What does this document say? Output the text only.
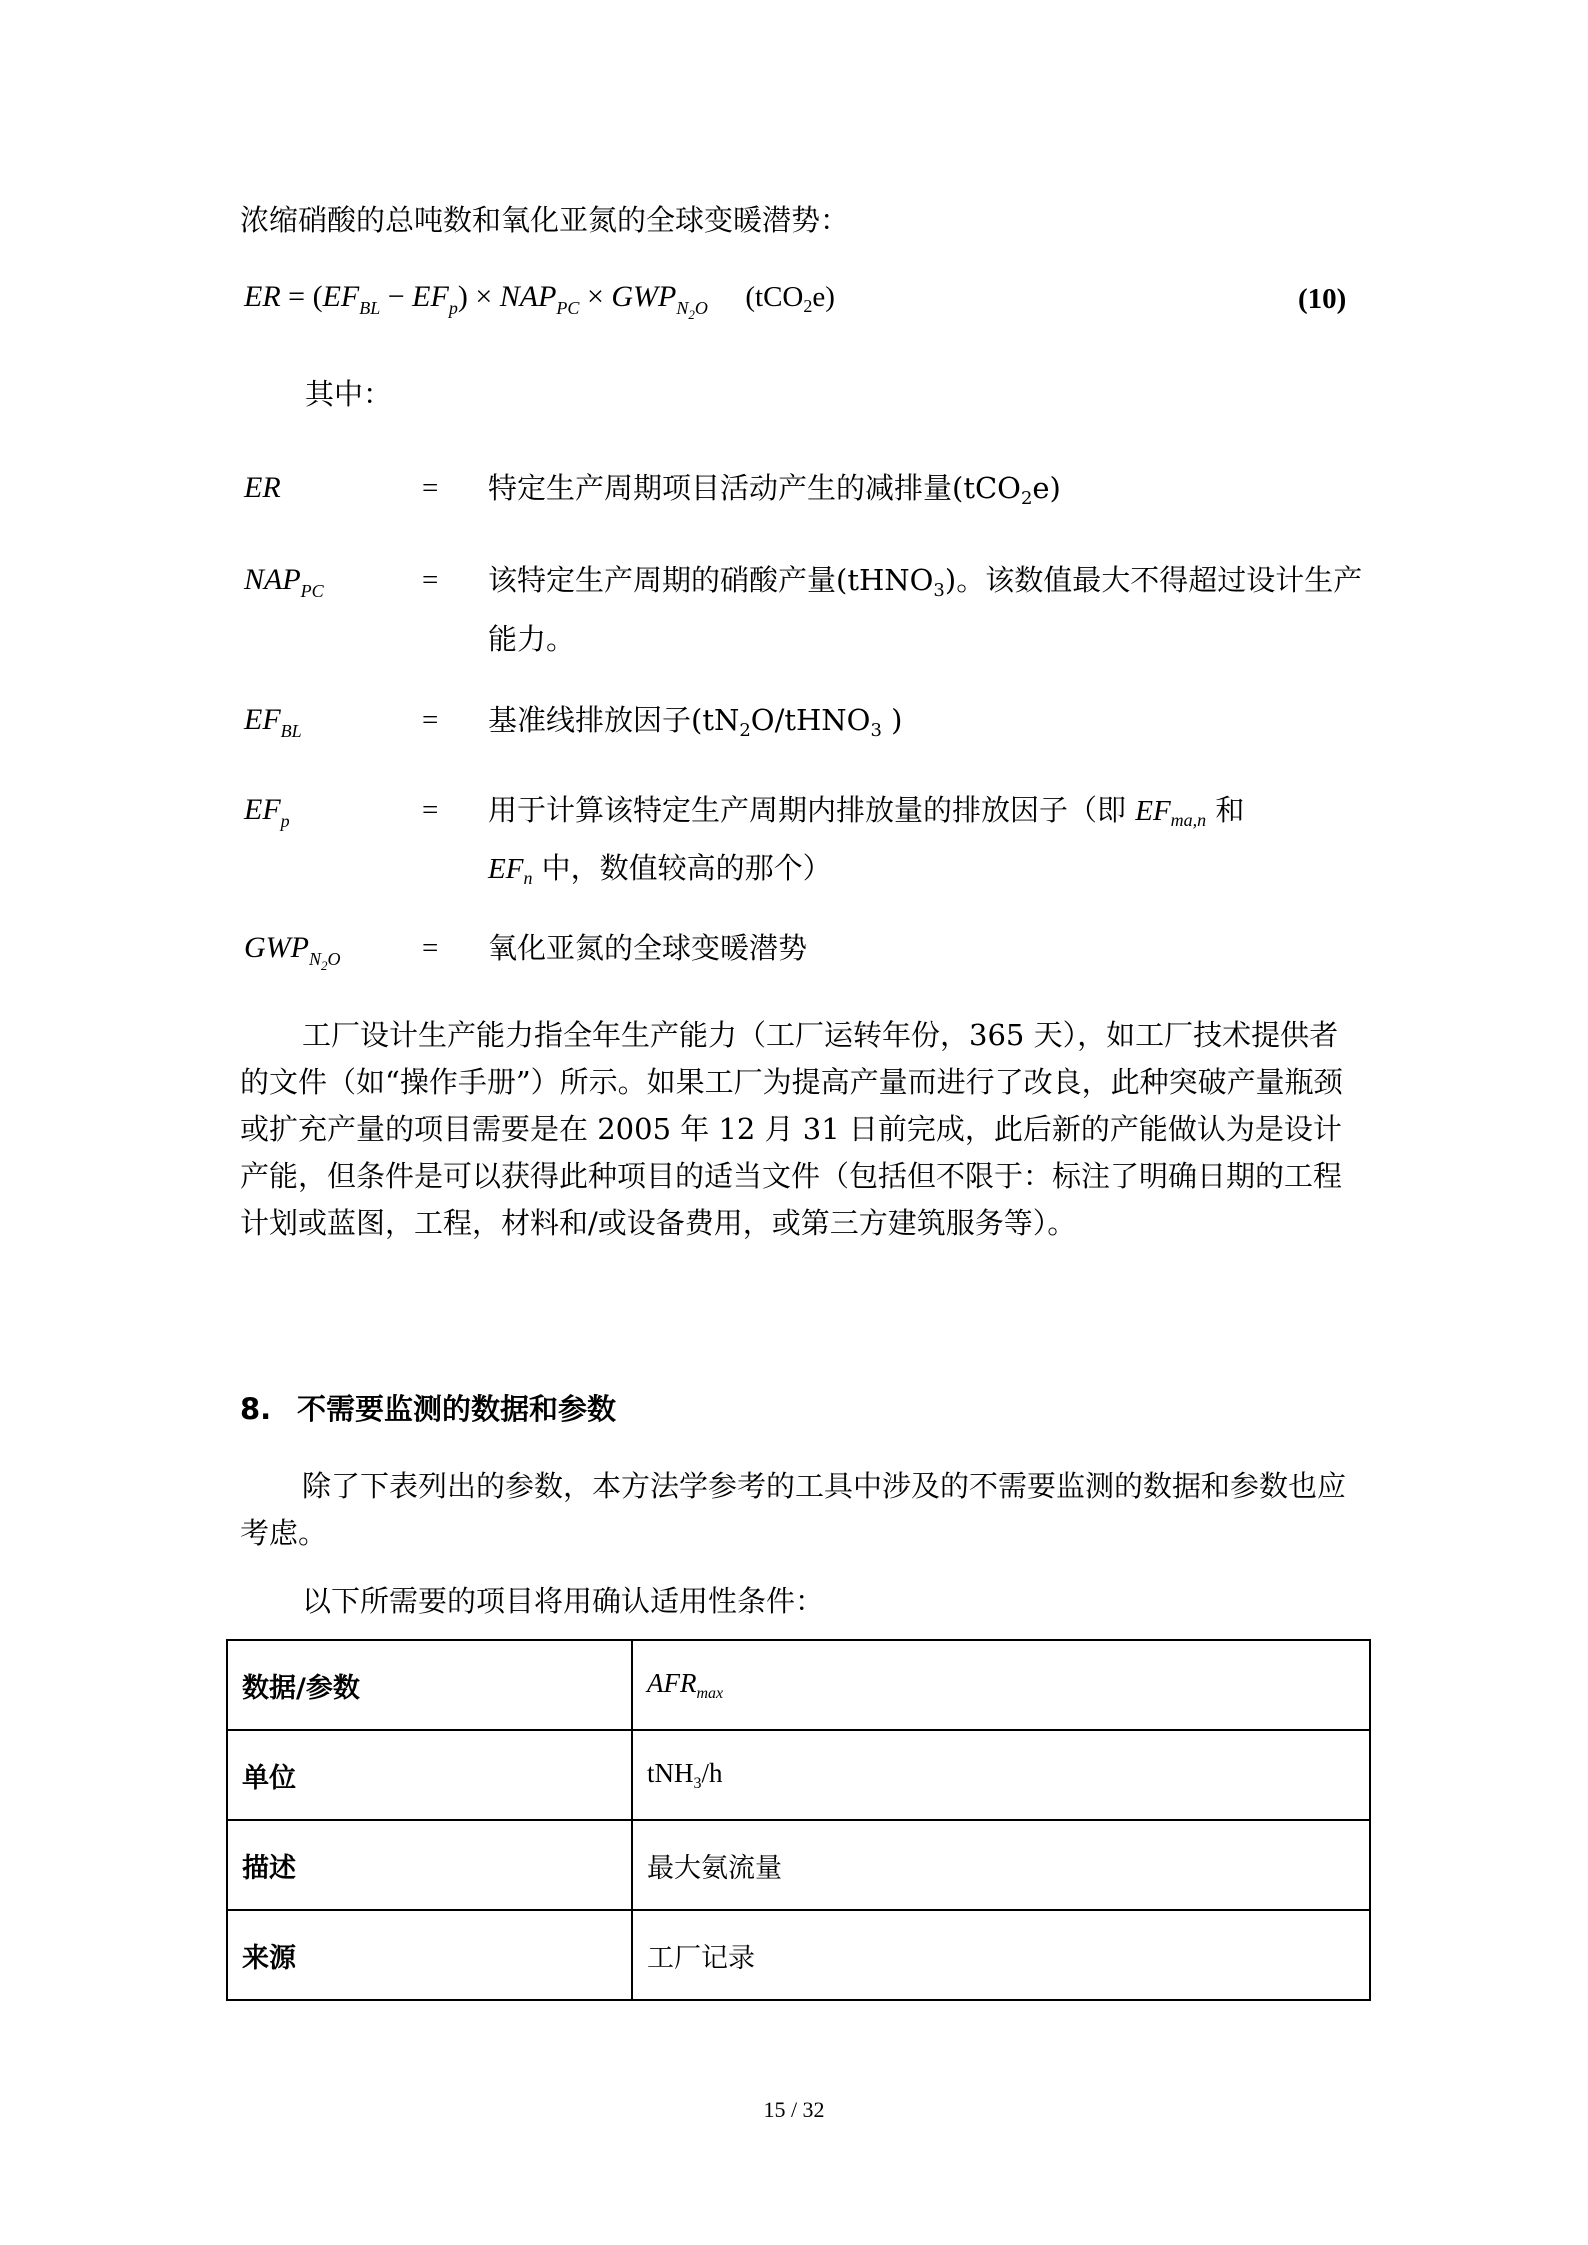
浓缩硝酸的总吨数和氧化亚氮的全球变暖潜势：
ER = $(EF_{BL} - EF_p) \times NAP_{PC} \times GWP_{N_2O}$ (tCO$_2$e)	(10)
其中：
ER	= 特定生产周期项目活动产生的减排量(tCO$_2$e)
$NAP_{PC}$	= 该特定生产周期的硝酸产量(tHNO$_3$)。该数值最大不得超过设计生产能力。
$EF_{BL}$	= 基准线排放因子($tN_2O/tHNO_3$ )
$EF_p$	= 用于计算该特定生产周期内排放量的排放因子（即 $EF_{ma,n}$ 和
$EF_n$ 中，数值较高的那个）
$GWP_{N_2O}$	= 氧化亚氮的全球变暖潜势
工厂设计生产能力指全年生产能力（工厂运转年份，365 天），如工厂技术提供者的文件（如“操作手册”）所示。如果工厂为提高产量而进行了改良，此种突破产量瓶颈或扩充产量的项目需要是在 2005 年 12 月 31 日前完成，此后新的产能做认为是设计产能，但条件是可以获得此种项目的适当文件（包括但不限于：标注了明确日期的工程计划或蓝图，工程，材料和/或设备费用，或第三方建筑服务等）。
8. 不需要监测的数据和参数
除了下表列出的参数，本方法学参考的工具中涉及的不需要监测的数据和参数也应考虑。
以下所需要的项目将用确认适用性条件：
数据/参数	$AFR_{max}$
单位	tNH$_3$/h
描述	最大氨流量
来源	工厂记录
15 / 32
